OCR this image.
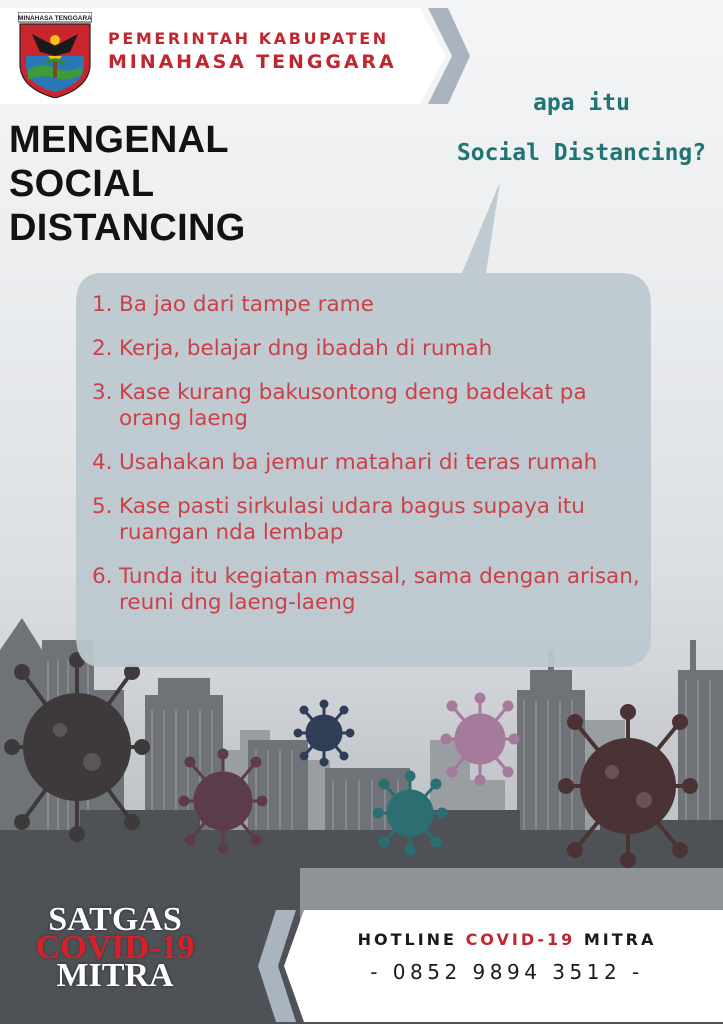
MINAHASA TENGGARA
PEMERINTAH KABUPATEN
MINAHASA TENGGARA
MENGENAL
SOCIAL
DISTANCING
apa itu
Social Distancing?
1. Ba jao dari tampe rame
2. Kerja, belajar dng ibadah di rumah
3. Kase kurang bakusontong deng badekat pa orang laeng
4. Usahakan ba jemur matahari di teras rumah
5. Kase pasti sirkulasi udara bagus supaya itu ruangan nda lembap
6. Tunda itu kegiatan massal, sama dengan arisan, reuni dng laeng-laeng
HOTLINE COVID-19 MITRA
- 0852 9894 3512 -
SATGAS
COVID-19
MITRA
